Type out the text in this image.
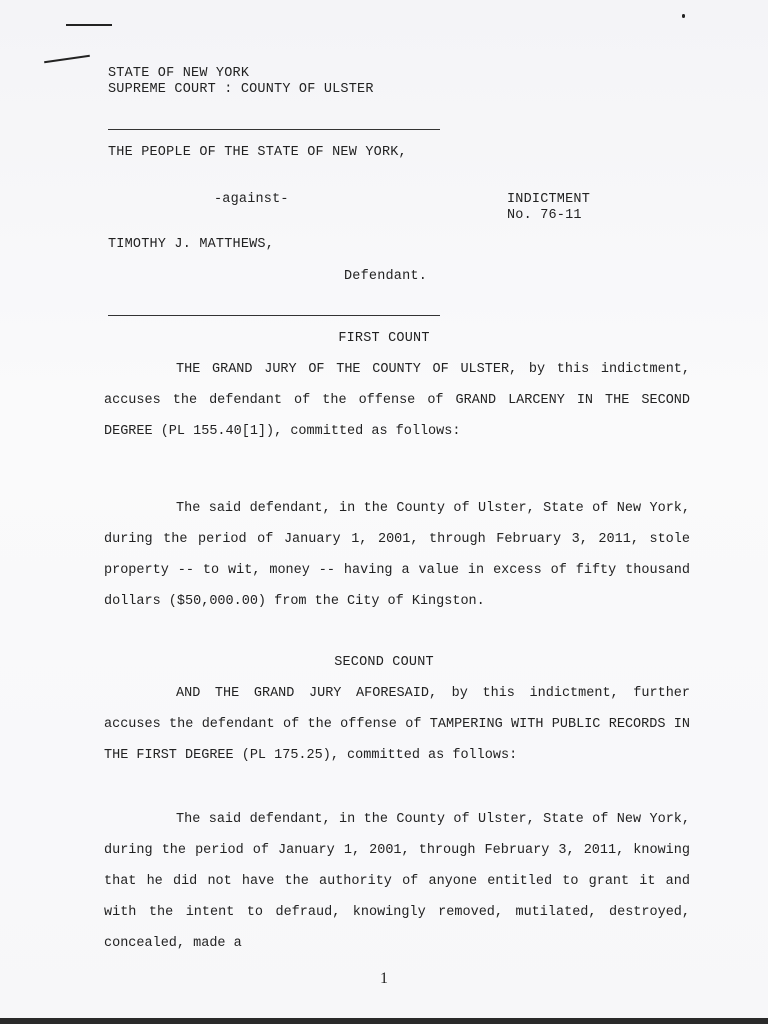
STATE OF NEW YORK
SUPREME COURT : COUNTY OF ULSTER
THE PEOPLE OF THE STATE OF NEW YORK,
-against-	INDICTMENT
No. 76-11
TIMOTHY J. MATTHEWS,
Defendant.
FIRST COUNT
THE GRAND JURY OF THE COUNTY OF ULSTER, by this indictment, accuses the defendant of the offense of GRAND LARCENY IN THE SECOND DEGREE (PL 155.40[1]), committed as follows:
The said defendant, in the County of Ulster, State of New York, during the period of January 1, 2001, through February 3, 2011, stole property -- to wit, money -- having a value in excess of fifty thousand dollars ($50,000.00) from the City of Kingston.
SECOND COUNT
AND THE GRAND JURY AFORESAID, by this indictment, further accuses the defendant of the offense of TAMPERING WITH PUBLIC RECORDS IN THE FIRST DEGREE (PL 175.25), committed as follows:
The said defendant, in the County of Ulster, State of New York, during the period of January 1, 2001, through February 3, 2011, knowing that he did not have the authority of anyone entitled to grant it and with the intent to defraud, knowingly removed, mutilated, destroyed, concealed, made a
1
